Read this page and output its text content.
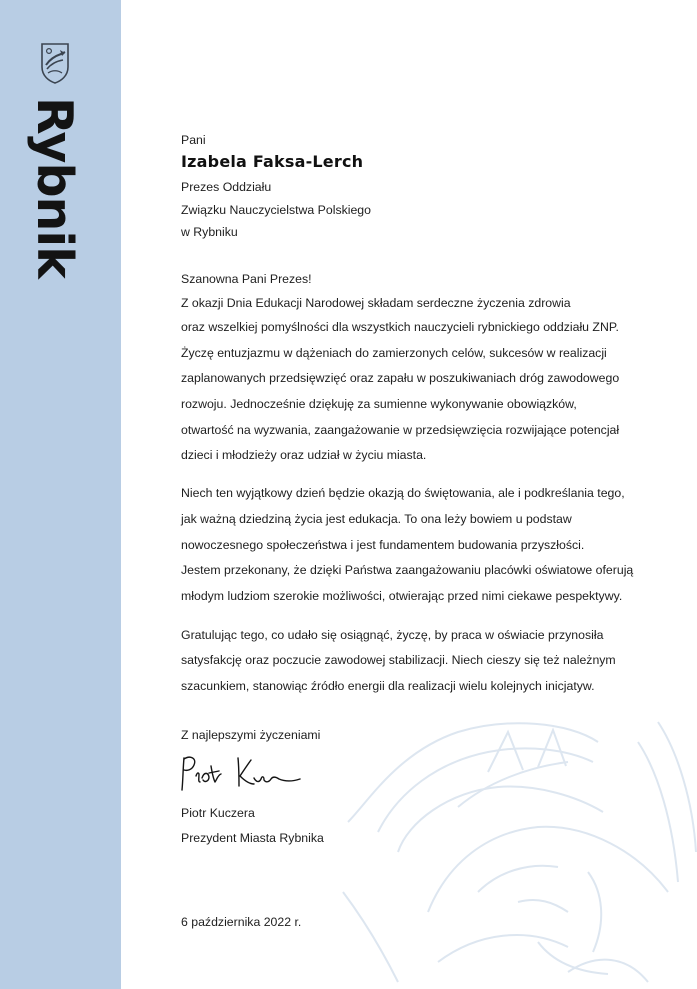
Rybnik	Pani
Izabela Faksa-Lerch
Prezes Oddziału
Związku Nauczycielstwa Polskiego
w Rybniku
Szanowna Pani Prezes!
Z okazji Dnia Edukacji Narodowej składam serdeczne życzenia zdrowia
oraz wszelkiej pomyślności dla wszystkich nauczycieli rybnickiego oddziału ZNP.
Życzę entuzjazmu w dążeniach do zamierzonych celów, sukcesów w realizacji
zaplanowanych przedsięwzięć oraz zapału w poszukiwaniach dróg zawodowego
rozwoju. Jednocześnie dziękuję za sumienne wykonywanie obowiązków,
otwartość na wyzwania, zaangażowanie w przedsięwzięcia rozwijające potencjał
dzieci i młodzieży oraz udział w życiu miasta.
Niech ten wyjątkowy dzień będzie okazją do świętowania, ale i podkreślania tego,
jak ważną dziedziną życia jest edukacja. To ona leży bowiem u podstaw
nowoczesnego społeczeństwa i jest fundamentem budowania przyszłości.
Jestem przekonany, że dzięki Państwa zaangażowaniu placówki oświatowe oferują
młodym ludziom szerokie możliwości, otwierając przed nimi ciekawe pespektywy.
Gratulując tego, co udało się osiągnąć, życzę, by praca w oświacie przynosiła
satysfakcję oraz poczucie zawodowej stabilizacji. Niech cieszy się też należnym
szacunkiem, stanowiąc źródło energii dla realizacji wielu kolejnych inicjatyw.
Z najlepszymi życzeniami
Piotr Kuczera
Prezydent Miasta Rybnika
6 października 2022 r.
